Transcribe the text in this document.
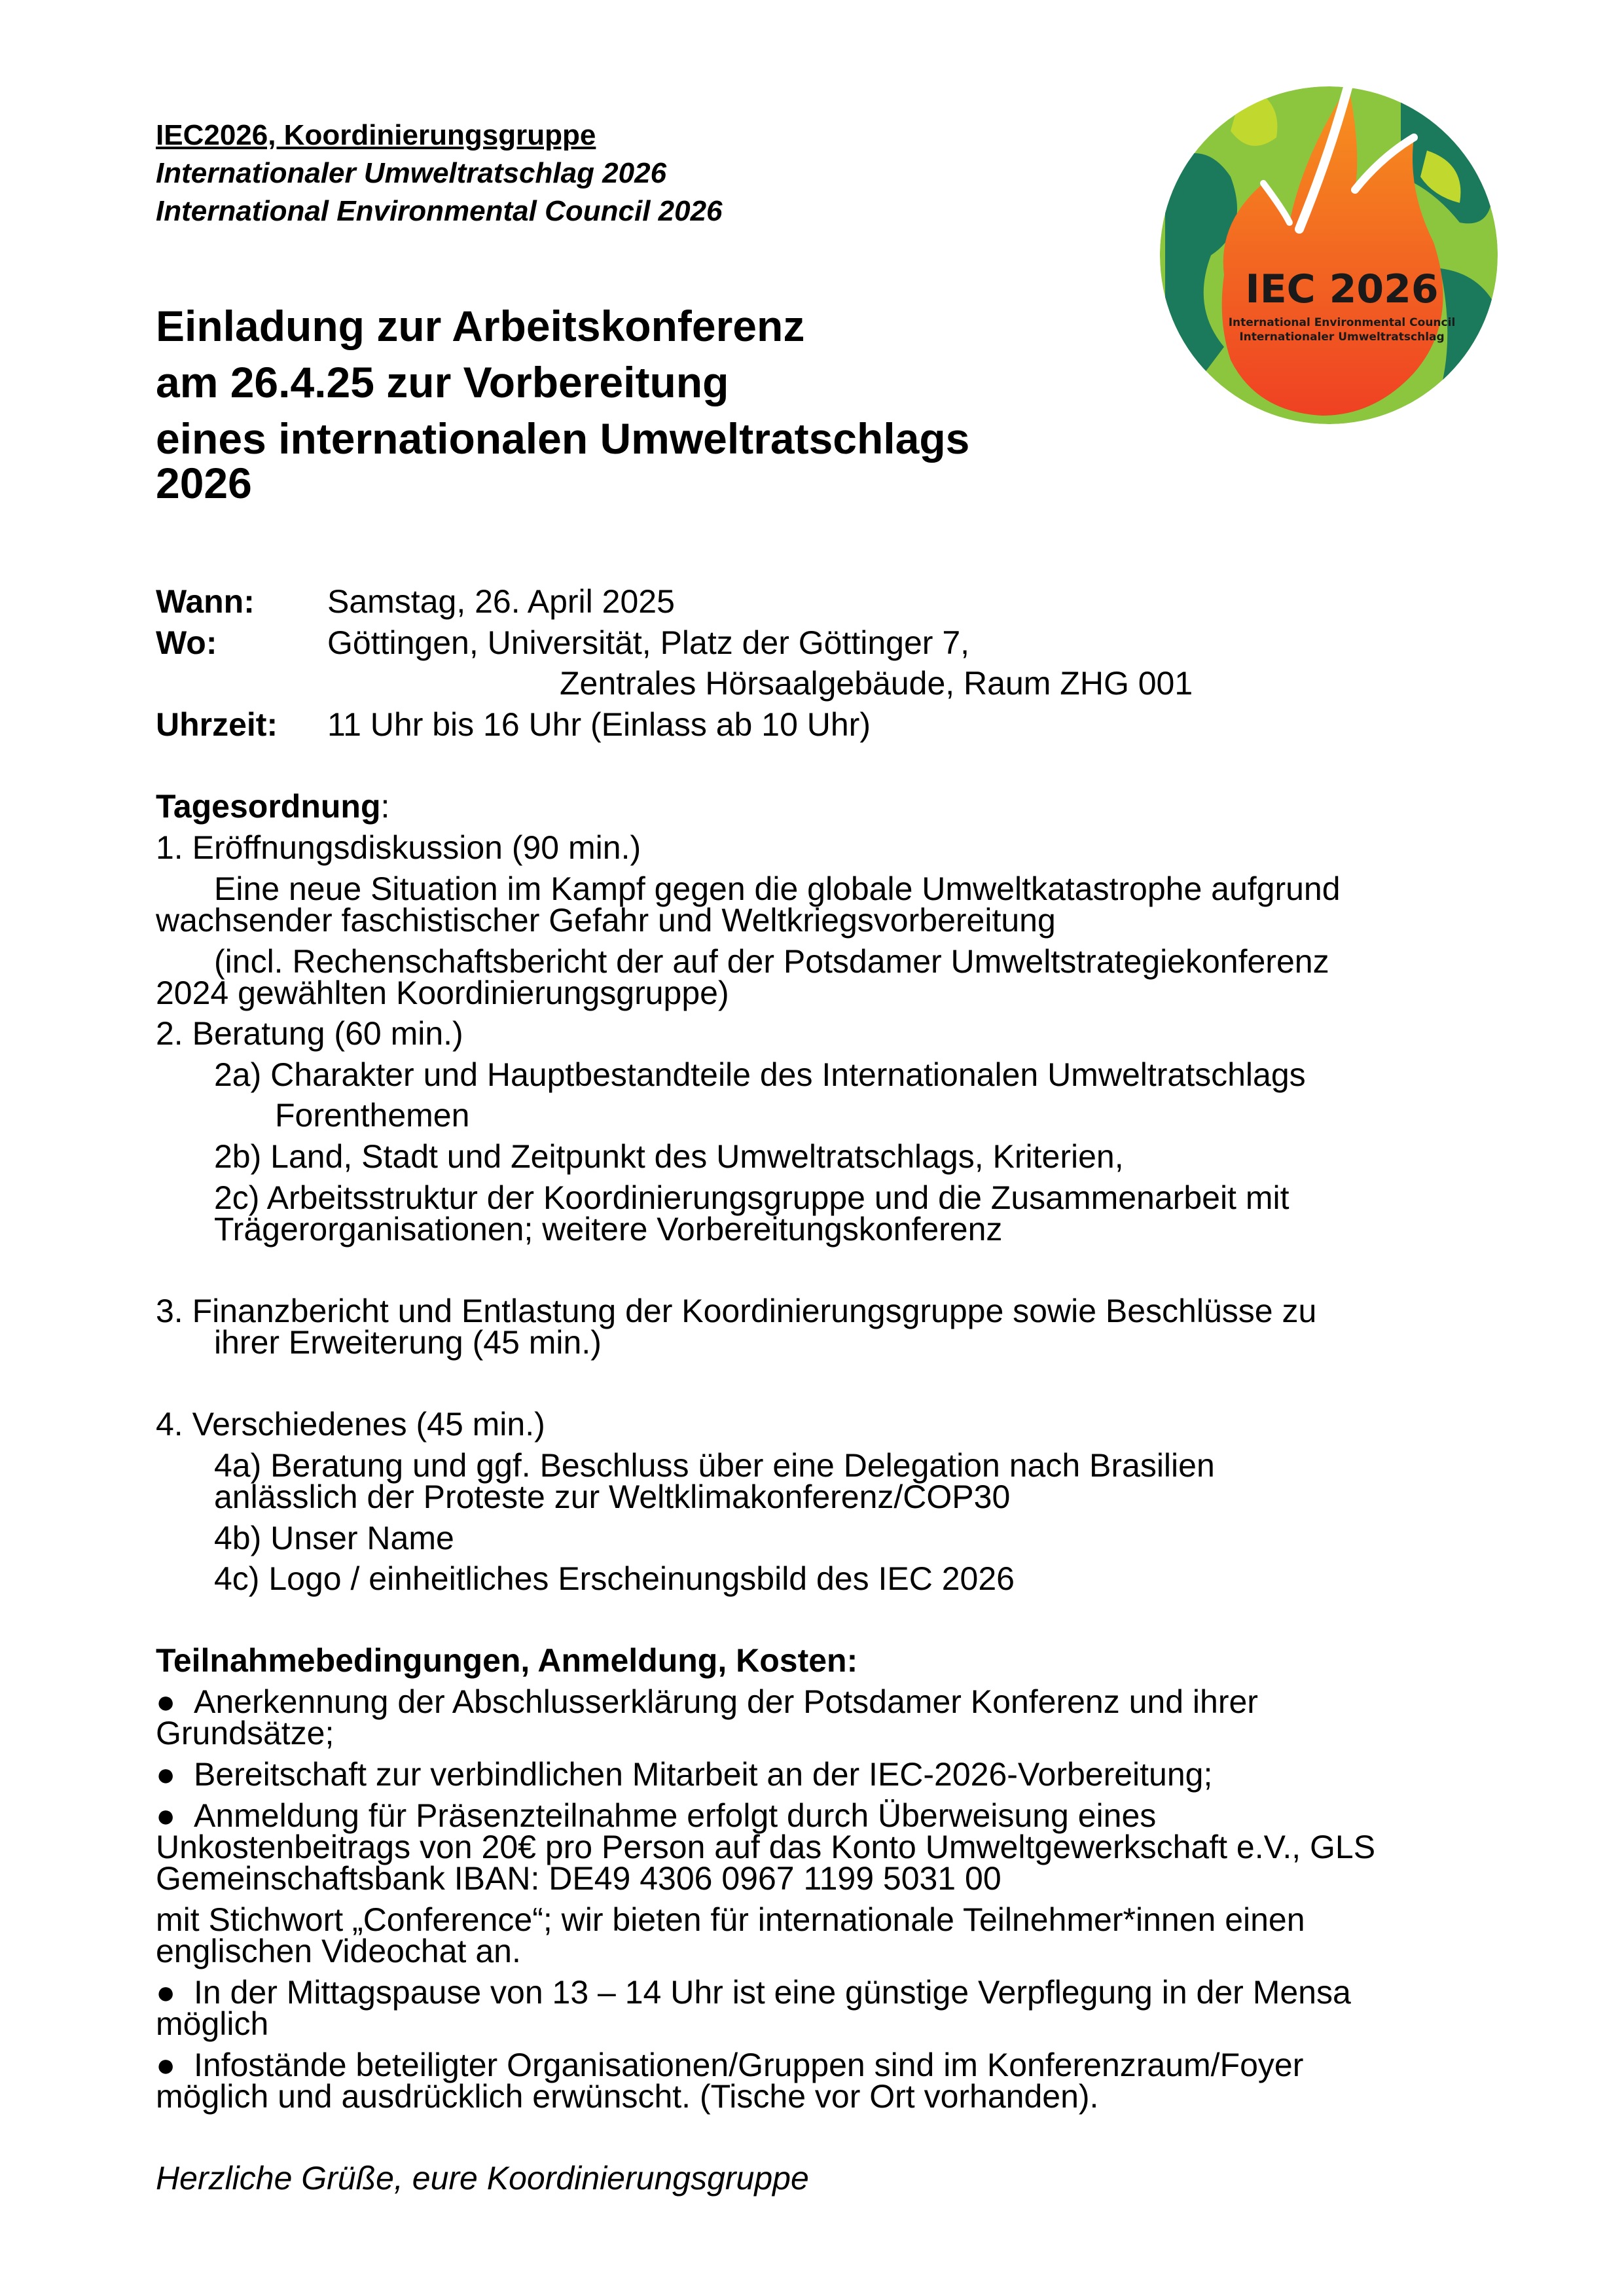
IEC2026, Koordinierungsgruppe
Internationaler Umweltratschlag 2026
International Environmental Council 2026
IEC 2026
International Environmental Council
Internationaler Umweltratschlag
Einladung zur Arbeitskonferenz
am 26.4.25 zur Vorbereitung
eines internationalen Umweltratschlags
2026
Wann: Samstag, 26. April 2025
Wo:	Göttingen, Universität, Platz der Göttinger 7,
Zentrales Hörsaalgebäude, Raum ZHG 001
Uhrzeit: 11 Uhr bis 16 Uhr (Einlass ab 10 Uhr)
Tagesordnung:
1. Eröffnungsdiskussion (90 min.)
Eine neue Situation im Kampf gegen die globale Umweltkatastrophe aufgrund
wachsender faschistischer Gefahr und Weltkriegsvorbereitung
(incl. Rechenschaftsbericht der auf der Potsdamer Umweltstrategiekonferenz
2024 gewählten Koordinierungsgruppe)
2. Beratung (60 min.)
2a) Charakter und Hauptbestandteile des Internationalen Umweltratschlags
Forenthemen
2b) Land, Stadt und Zeitpunkt des Umweltratschlags, Kriterien,
2c) Arbeitsstruktur der Koordinierungsgruppe und die Zusammenarbeit mit
Trägerorganisationen; weitere Vorbereitungskonferenz
3. Finanzbericht und Entlastung der Koordinierungsgruppe sowie Beschlüsse zu
ihrer Erweiterung (45 min.)
4. Verschiedenes (45 min.)
4a) Beratung und ggf. Beschluss über eine Delegation nach Brasilien
anlässlich der Proteste zur Weltklimakonferenz/COP30
4b) Unser Name
4c) Logo / einheitliches Erscheinungsbild des IEC 2026
Teilnahmebedingungen, Anmeldung, Kosten:
● Anerkennung der Abschlusserklärung der Potsdamer Konferenz und ihrer
Grundsätze;
● Bereitschaft zur verbindlichen Mitarbeit an der IEC-2026-Vorbereitung;
● Anmeldung für Präsenzteilnahme erfolgt durch Überweisung eines
Unkostenbeitrags von 20€ pro Person auf das Konto Umweltgewerkschaft e.V., GLS
Gemeinschaftsbank IBAN: DE49 4306 0967 1199 5031 00
mit Stichwort „Conference“; wir bieten für internationale Teilnehmer*innen einen
englischen Videochat an.
● In der Mittagspause von 13 – 14 Uhr ist eine günstige Verpflegung in der Mensa
möglich
● Infostände beteiligter Organisationen/Gruppen sind im Konferenzraum/Foyer
möglich und ausdrücklich erwünscht. (Tische vor Ort vorhanden).
Herzliche Grüße, eure Koordinierungsgruppe
